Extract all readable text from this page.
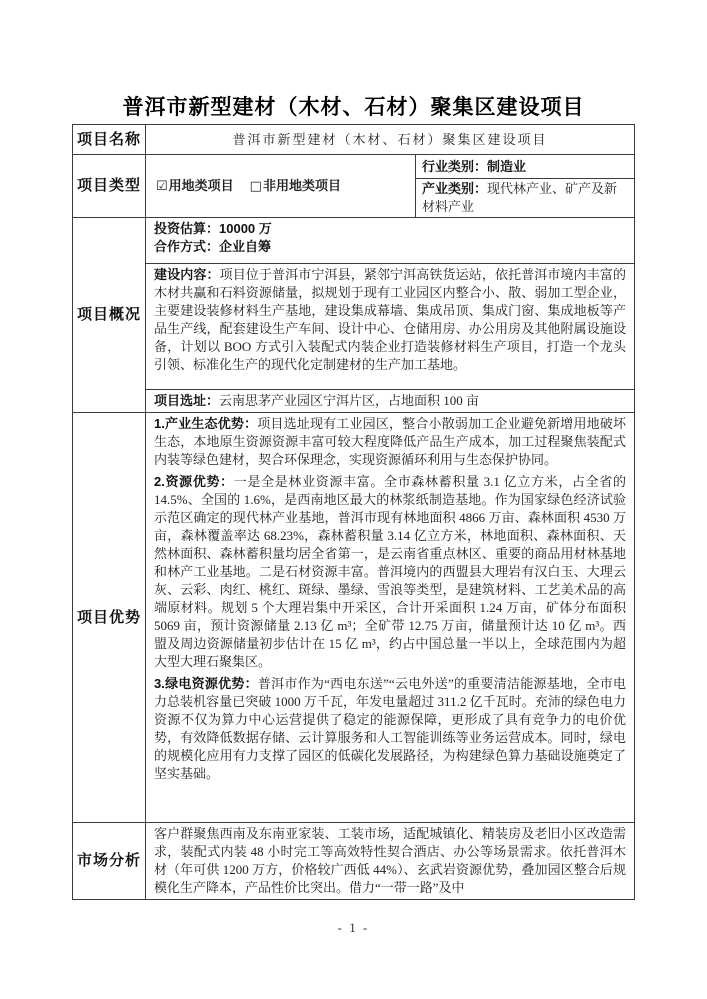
普洱市新型建材（木材、石材）聚集区建设项目
项目名称	普洱市新型建材（木材、石材）聚集区建设项目	
项目类型	☑用地类项目 □非用地类项目	行业类别：制造业
		产业类别：现代林产业、矿产及新材料产业
项目概况	投资估算：10000 万
合作方式：企业自筹	

	建设内容：项目位于普洱市宁洱县，紧邻宁洱高铁货运站，依托普洱市境内丰富的木材共赢和石料资源储量，拟规划于现有工业园区内整合小、散、弱加工型企业，主要建设装修材料生产基地，建设集成幕墙、集成吊顶、集成门窗、集成地板等产品生产线，配套建设生产车间、设计中心、仓储用房、办公用房及其他附属设施设备，计划以 BOO 方式引入装配式内装企业打造装修材料生产项目，打造一个龙头引领、标准化生产的现代化定制建材的生产加工基地。	
	项目选址：云南思茅产业园区宁洱片区，占地面积 100 亩	
项目优势	1.产业生态优势：项目选址现有工业园区，整合小散弱加工企业避免新增用地破坏生态，本地原生资源资源丰富可较大程度降低产品生产成本，加工过程聚焦装配式内装等绿色建材，契合环保理念，实现资源循环利用与生态保护协同。

2.资源优势：一是全是林业资源丰富。全市森林蓄积量 3.1 亿立方米，占全省的 14.5%、全国的 1.6%，是西南地区最大的林浆纸制造基地。作为国家绿色经济试验示范区确定的现代林产业基地，普洱市现有林地面积 4866 万亩、森林面积 4530 万亩，森林覆盖率达 68.23%，森林蓄积量 3.14 亿立方米，林地面积、森林面积、天然林面积、森林蓄积量均居全省第一，是云南省重点林区、重要的商品用材林基地和林产工业基地。二是石材资源丰富。普洱境内的西盟县大理岩有汉白玉、大理云灰、云彩、肉红、桃红、斑绿、墨绿、雪浪等类型，是建筑材料、工艺美术品的高端原材料。规划 5 个大理岩集中开采区，合计开采面积 1.24 万亩，矿体分布面积 5069 亩，预计资源储量 2.13 亿 m³；全矿带 12.75 万亩，储量预计达 10 亿 m³。西盟及周边资源储量初步估计在 15 亿 m³，约占中国总量一半以上，全球范围内为超大型大理石聚集区。

3.绿电资源优势：普洱市作为“西电东送”“云电外送”的重要清洁能源基地，全市电力总装机容量已突破 1000 万千瓦，年发电量超过 311.2 亿千瓦时。充沛的绿色电力资源不仅为算力中心运营提供了稳定的能源保障，更形成了具有竞争力的电价优势，有效降低数据存储、云计算服务和人工智能训练等业务运营成本。同时，绿电的规模化应用有力支撑了园区的低碳化发展路径，为构建绿色算力基础设施奠定了坚实基础。	

市场分析	客户群聚焦西南及东南亚家装、工装市场，适配城镇化、精装房及老旧小区改造需求，装配式内装 48 小时完工等高效特性契合酒店、办公等场景需求。依托普洱木材（年可供 1200 万方，价格较广西低 44%）、玄武岩资源优势，叠加园区整合后规模化生产降本，产品性价比突出。借力“一带一路”及中	
- 1 -
